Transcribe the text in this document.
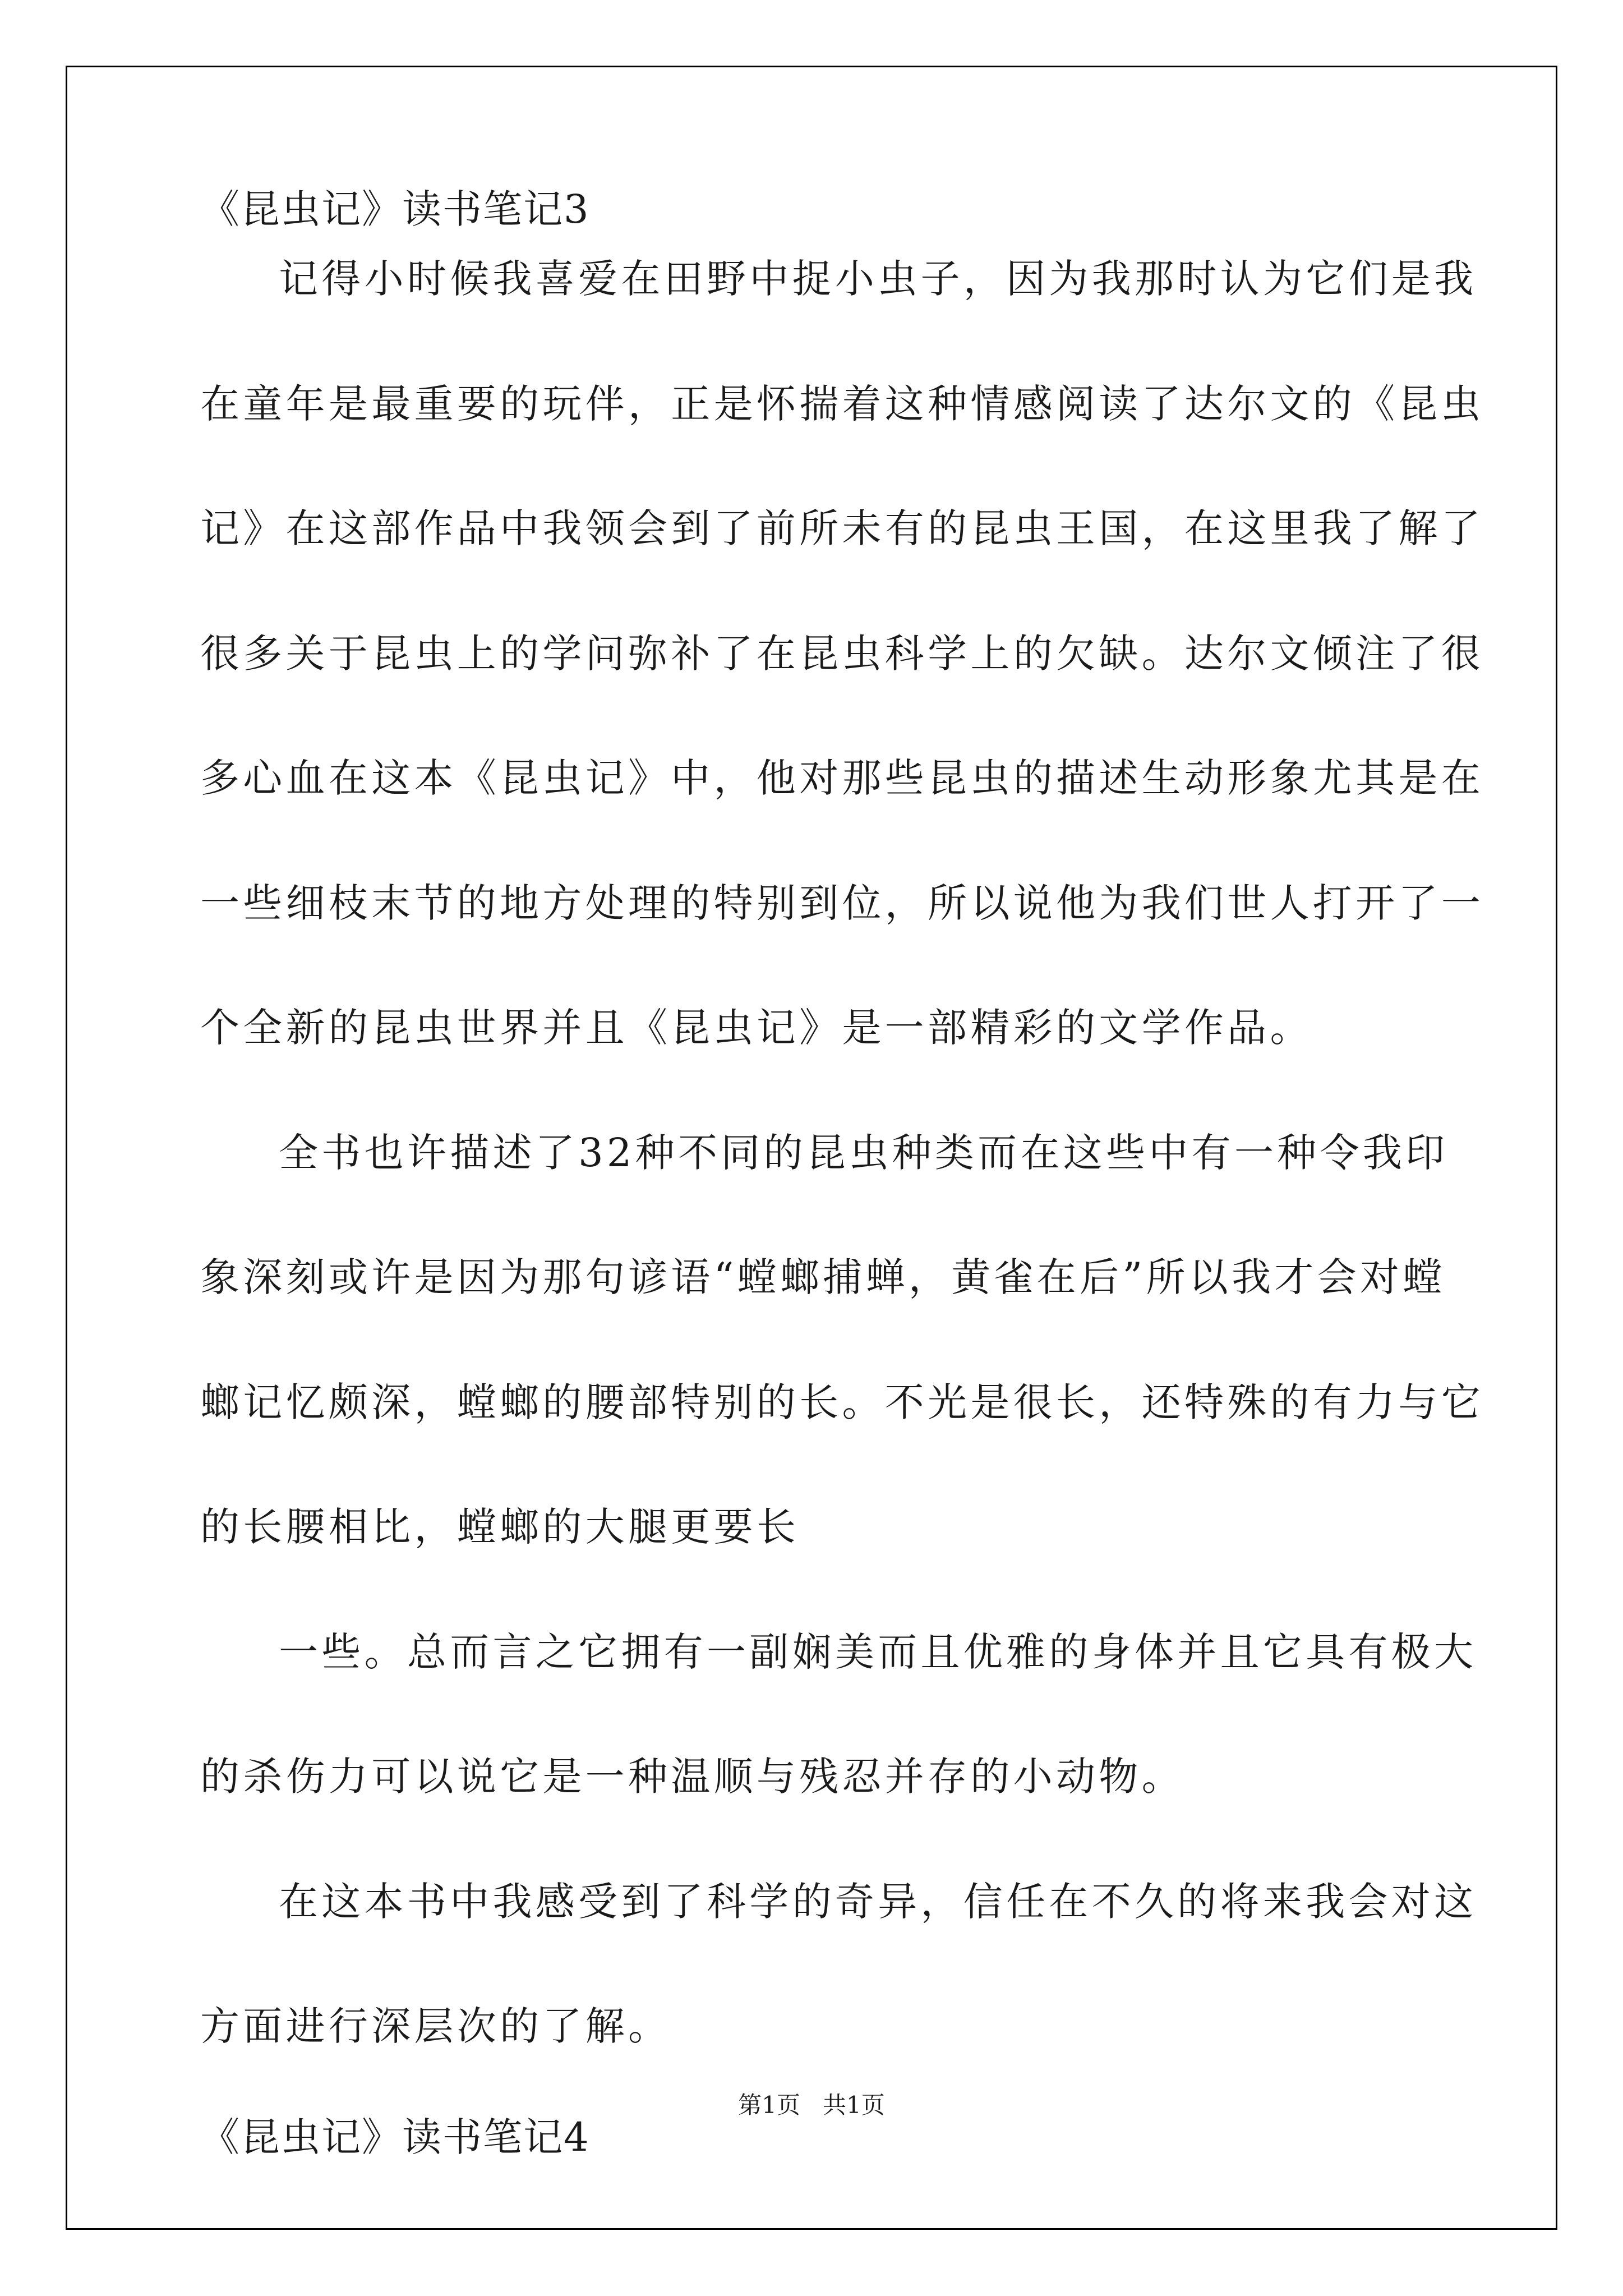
《昆虫记》读书笔记3
记得小时候我喜爱在田野中捉小虫子，因为我那时认为它们是我
在童年是最重要的玩伴，正是怀揣着这种情感阅读了达尔文的《昆虫
记》在这部作品中我领会到了前所未有的昆虫王国，在这里我了解了
很多关于昆虫上的学问弥补了在昆虫科学上的欠缺。达尔文倾注了很
多心血在这本《昆虫记》中，他对那些昆虫的描述生动形象尤其是在
一些细枝末节的地方处理的特别到位，所以说他为我们世人打开了一
个全新的昆虫世界并且《昆虫记》是一部精彩的文学作品。
全书也许描述了32种不同的昆虫种类而在这些中有一种令我印
象深刻或许是因为那句谚语“螳螂捕蝉，黄雀在后”所以我才会对螳
螂记忆颇深，螳螂的腰部特别的长。不光是很长，还特殊的有力与它
的长腰相比，螳螂的大腿更要长
一些。总而言之它拥有一副娴美而且优雅的身体并且它具有极大
的杀伤力可以说它是一种温顺与残忍并存的小动物。
在这本书中我感受到了科学的奇异，信任在不久的将来我会对这
方面进行深层次的了解。
《昆虫记》读书笔记4
第1页 共1页
